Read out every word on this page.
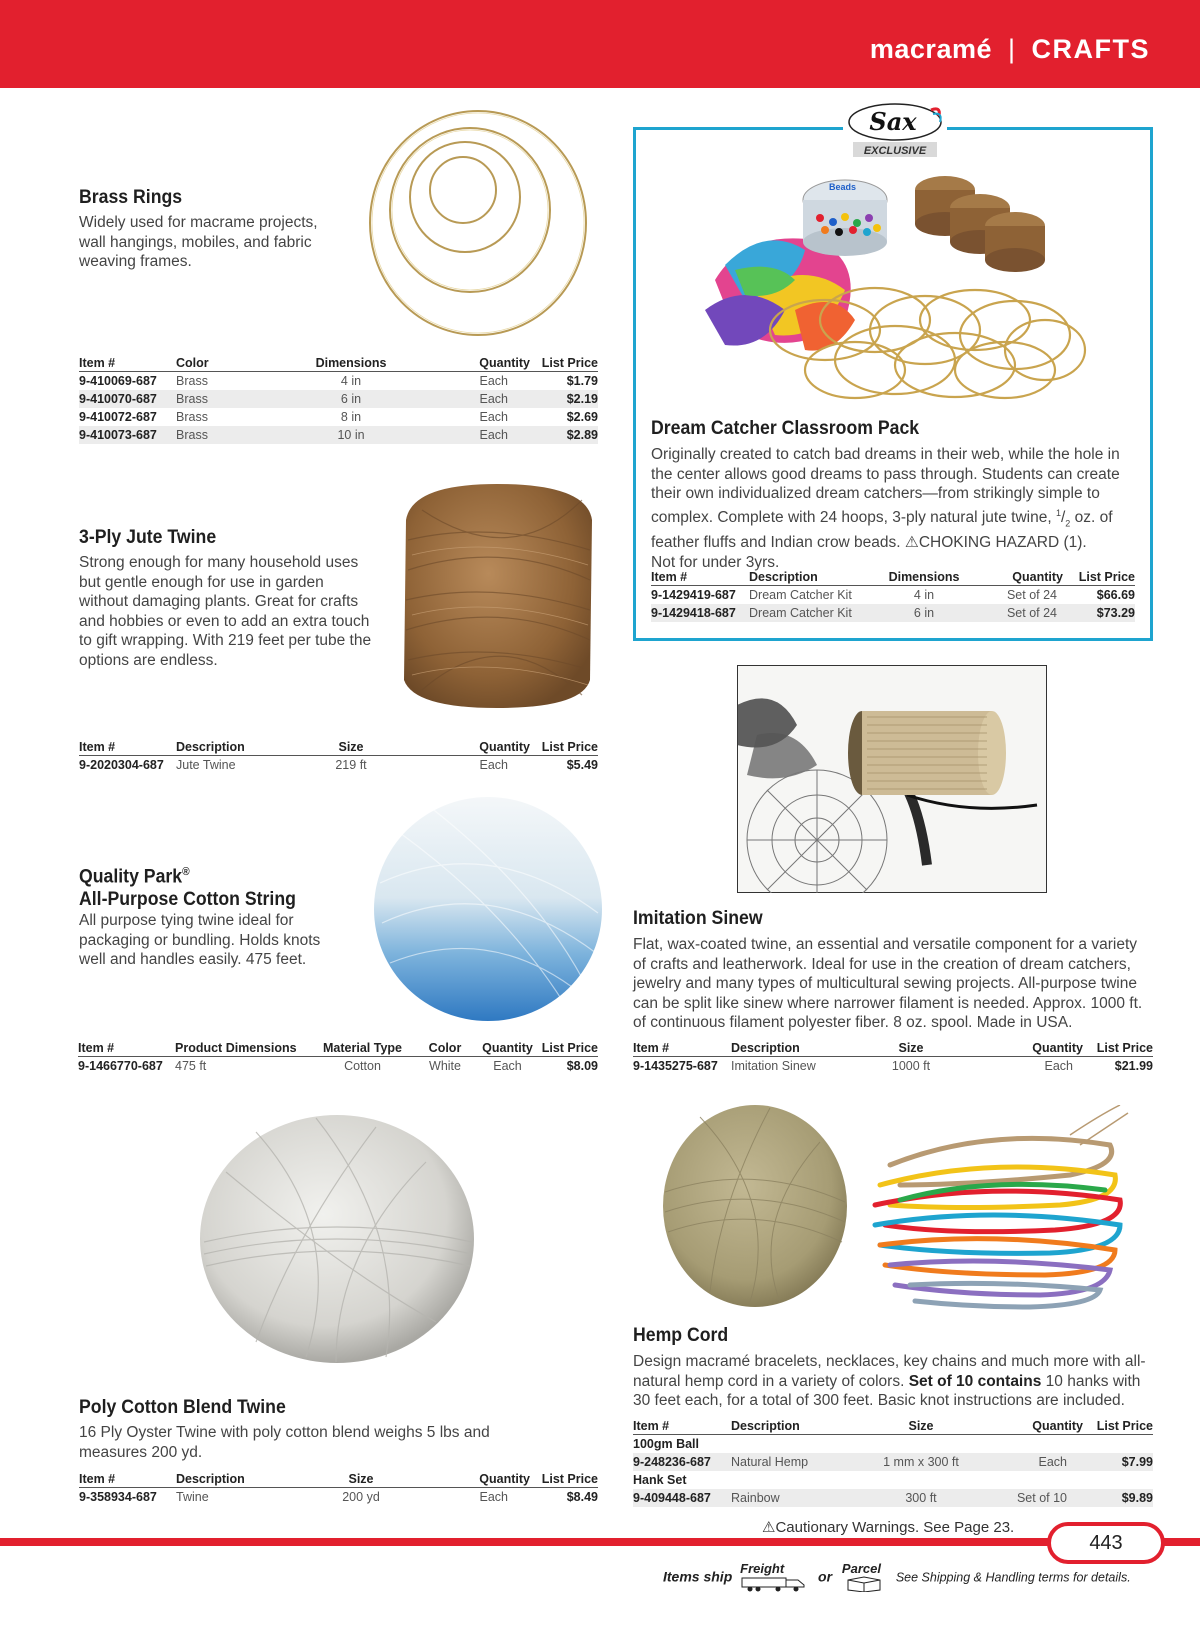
macramé | CRAFTS
Brass Rings
Widely used for macrame projects, wall hangings, mobiles, and fabric weaving frames.
Item #	Color	Dimensions	Quantity	List Price
9-410069-687	Brass	4 in	Each	$1.79
9-410070-687	Brass	6 in	Each	$2.19
9-410072-687	Brass	8 in	Each	$2.69
9-410073-687	Brass	10 in	Each	$2.89
3-Ply Jute Twine
Strong enough for many household uses but gentle enough for use in garden without damaging plants. Great for crafts and hobbies or even to add an extra touch to gift wrapping. With 219 feet per tube the options are endless.
Item #	Description	Size	Quantity	List Price
9-2020304-687	Jute Twine	219 ft	Each	$5.49
Quality Park®
All-Purpose Cotton String
All purpose tying twine ideal for packaging or bundling. Holds knots well and handles easily. 475 feet.
Item #	Product Dimensions	Material Type	Color	Quantity	List Price
9-1466770-687	475 ft	Cotton	White	Each	$8.09
Poly Cotton Blend Twine
16 Ply Oyster Twine with poly cotton blend weighs 5 lbs and measures 200 yd.
Item #	Description	Size	Quantity	List Price
9-358934-687	Twine	200 yd	Each	$8.49
Sax
EXCLUSIVE
Beads
Dream Catcher Classroom Pack
Originally created to catch bad dreams in their web, while the hole in the center allows good dreams to pass through. Students can create their own individualized dream catchers—from strikingly simple to complex. Complete with 24 hoops, 3-ply natural jute twine, $^1/_2$ oz. of feather fluffs and Indian crow beads. ⚠CHOKING HAZARD (1).
Not for under 3yrs.
Item #	Description	Dimensions	Quantity	List Price
9-1429419-687	Dream Catcher Kit	4 in	Set of 24	$66.69
9-1429418-687	Dream Catcher Kit	6 in	Set of 24	$73.29
Imitation Sinew
Flat, wax-coated twine, an essential and versatile component for a variety of crafts and leatherwork. Ideal for use in the creation of dream catchers, jewelry and many types of multicultural sewing projects. All-purpose twine can be split like sinew where narrower filament is needed. Approx. 1000 ft. of continuous filament polyester fiber. 8 oz. spool. Made in USA.
Item #	Description	Size	Quantity	List Price
9-1435275-687	Imitation Sinew	1000 ft	Each	$21.99
Hemp Cord
Design macramé bracelets, necklaces, key chains and much more with all-natural hemp cord in a variety of colors. Set of 10 contains 10 hanks with 30 feet each, for a total of 300 feet. Basic knot instructions are included.
Item #	Description	Size	Quantity	List Price
100gm Ball				
9-248236-687	Natural Hemp	1 mm x 300 ft	Each	$7.99
Hank Set				
9-409448-687	Rainbow	300 ft	Set of 10	$9.89
⚠Cautionary Warnings. See Page 23.
443
Items ship
Freight
or
Parcel
See Shipping & Handling terms for details.
